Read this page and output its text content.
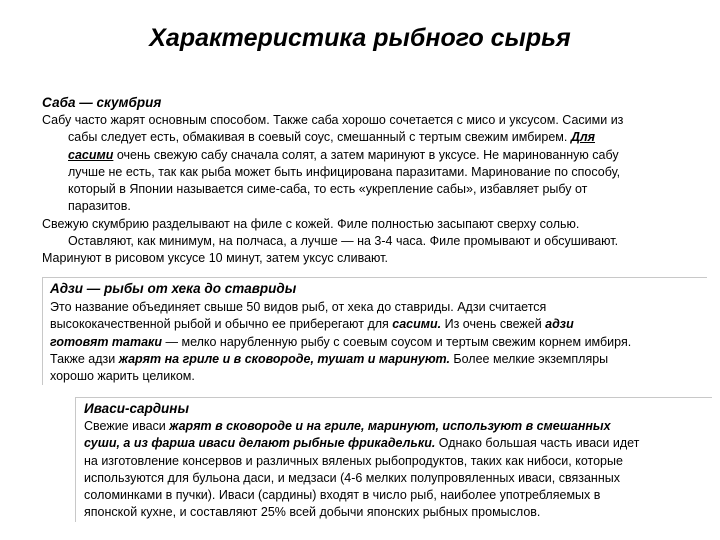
Характеристика рыбного сырья
Саба — скумбрия
Сабу часто жарят основным способом. Также саба хорошо сочетается с мисо и уксусом. Сасими из
сабы следует есть, обмакивая в соевый соус, смешанный с тертым свежим имбирем. Для
сасими очень свежую сабу сначала солят, а затем маринуют в уксусе. Не маринованную сабу
лучше не есть, так как рыба может быть инфицирована паразитами. Маринование по способу,
который в Японии называется симе-саба, то есть «укрепление сабы», избавляет рыбу от
паразитов.
Свежую скумбрию разделывают на филе с кожей. Филе полностью засыпают сверху солью.
Оставляют, как минимум, на полчаса, а лучше — на 3-4 часа. Филе промывают и обсушивают.
Маринуют в рисовом уксусе 10 минут, затем уксус сливают.
Адзи — рыбы от хека до ставриды
Это название объединяет свыше 50 видов рыб, от хека до ставриды. Адзи считается
высококачественной рыбой и обычно ее приберегают для сасими. Из очень свежей адзи
готовят татаки — мелко нарубленную рыбу с соевым соусом и тертым свежим корнем имбиря.
Также адзи жарят на гриле и в сковороде, тушат и маринуют. Более мелкие экземпляры
хорошо жарить целиком.
Иваси-сардины
Свежие иваси жарят в сковороде и на гриле, маринуют, используют в смешанных
суши, а из фарша иваси делают рыбные фрикадельки. Однако большая часть иваси идет
на изготовление консервов и различных вяленых рыбопродуктов, таких как нибоси, которые
используются для бульона даси, и медзаси (4-6 мелких полупровяленных иваси, связанных
соломинками в пучки). Иваси (сардины) входят в число рыб, наиболее употребляемых в
японской кухне, и составляют 25% всей добычи японских рыбных промыслов.
